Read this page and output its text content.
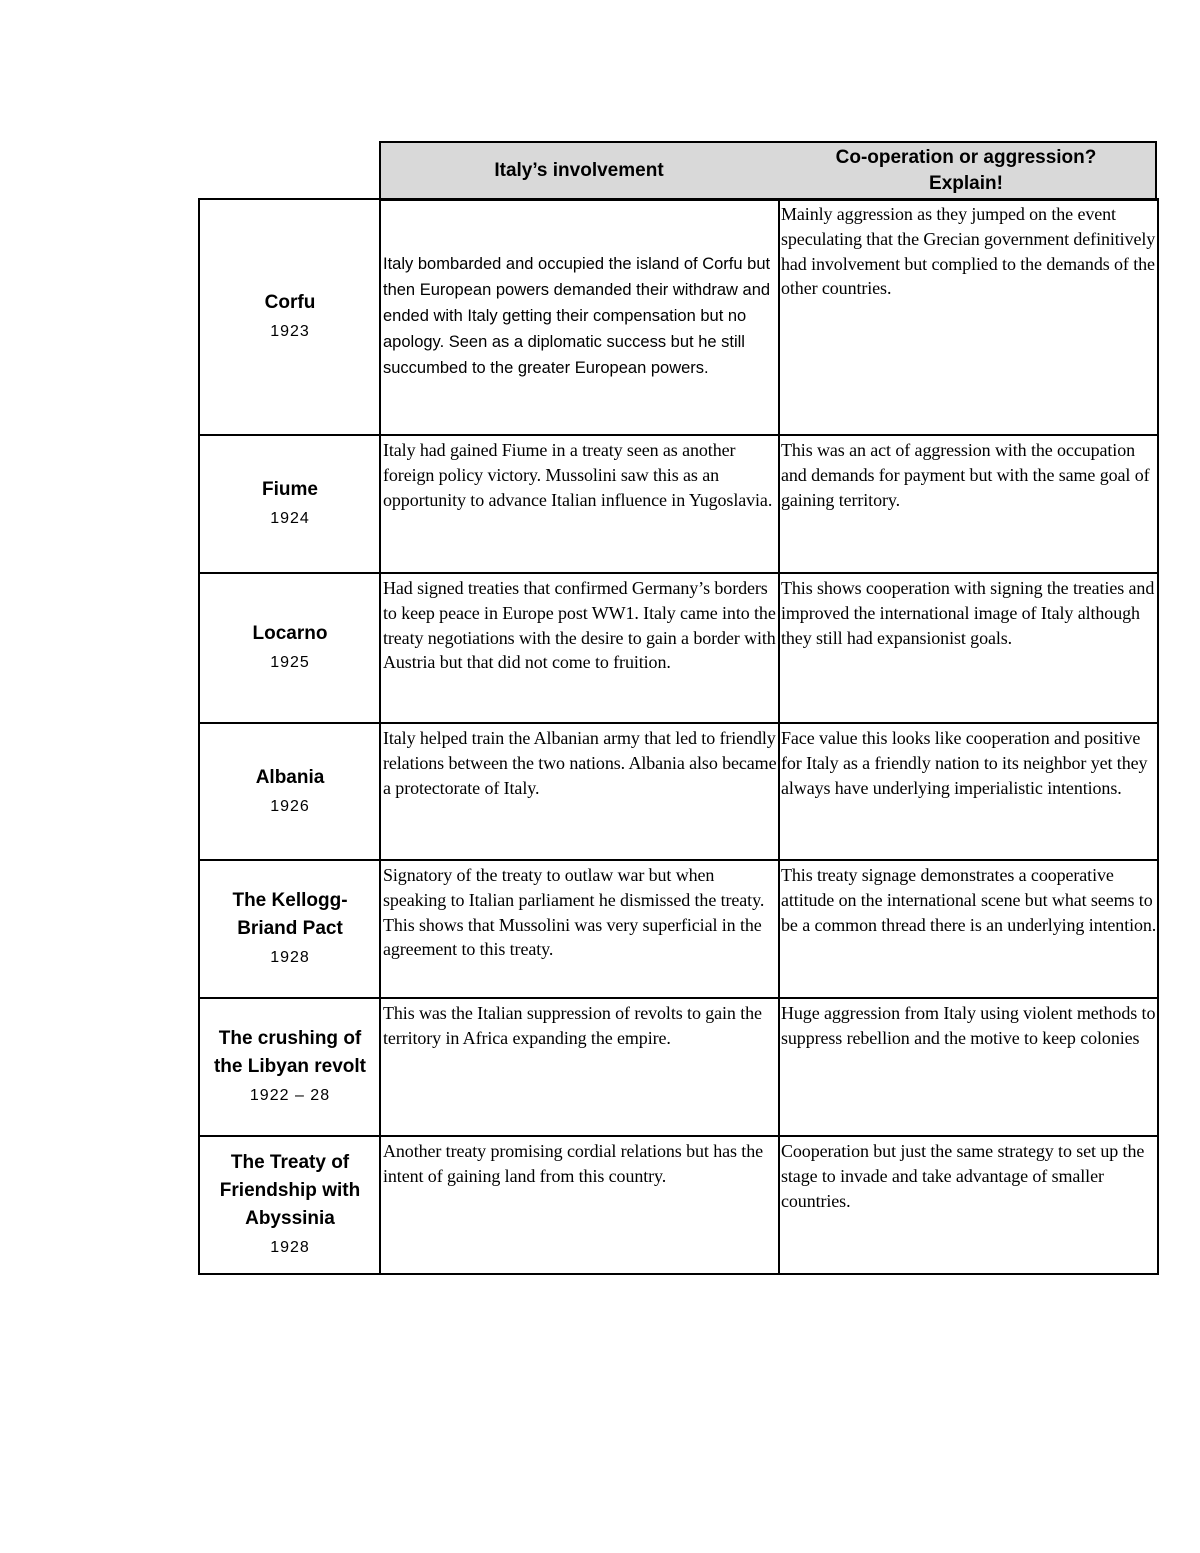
Italy’s involvement
Co-operation or aggression?
Explain!
Corfu
1923
Italy bombarded and occupied the island of Corfu but then European powers demanded their withdraw and ended with Italy getting their compensation but no apology. Seen as a diplomatic success but he still succumbed to the greater European powers.
Mainly aggression as they jumped on the event speculating that the Grecian government definitively had involvement but complied to the demands of the other countries.
Fiume
1924
Italy had gained Fiume in a treaty seen as another foreign policy victory. Mussolini saw this as an opportunity to advance Italian influence in Yugoslavia.
This was an act of aggression with the occupation and demands for payment but with the same goal of gaining territory.
Locarno
1925
Had signed treaties that confirmed Germany’s borders to keep peace in Europe post WW1. Italy came into the treaty negotiations with the desire to gain a border with Austria but that did not come to fruition.
This shows cooperation with signing the treaties and improved the international image of Italy although they still had expansionist goals.
Albania
1926
Italy helped train the Albanian army that led to friendly relations between the two nations. Albania also became a protectorate of Italy.
Face value this looks like cooperation and positive for Italy as a friendly nation to its neighbor yet they always have underlying imperialistic intentions.
The Kellogg-Briand Pact
1928
Signatory of the treaty to outlaw war but when speaking to Italian parliament he dismissed the treaty. This shows that Mussolini was very superficial in the agreement to this treaty.
This treaty signage demonstrates a cooperative attitude on the international scene but what seems to be a common thread there is an underlying intention.
The crushing of the Libyan revolt
1922 – 28
This was the Italian suppression of revolts to gain the territory in Africa expanding the empire.
Huge aggression from Italy using violent methods to suppress rebellion and the motive to keep colonies
The Treaty of Friendship with Abyssinia
1928
Another treaty promising cordial relations but has the intent of gaining land from this country.
Cooperation but just the same strategy to set up the stage to invade and take advantage of smaller countries.
